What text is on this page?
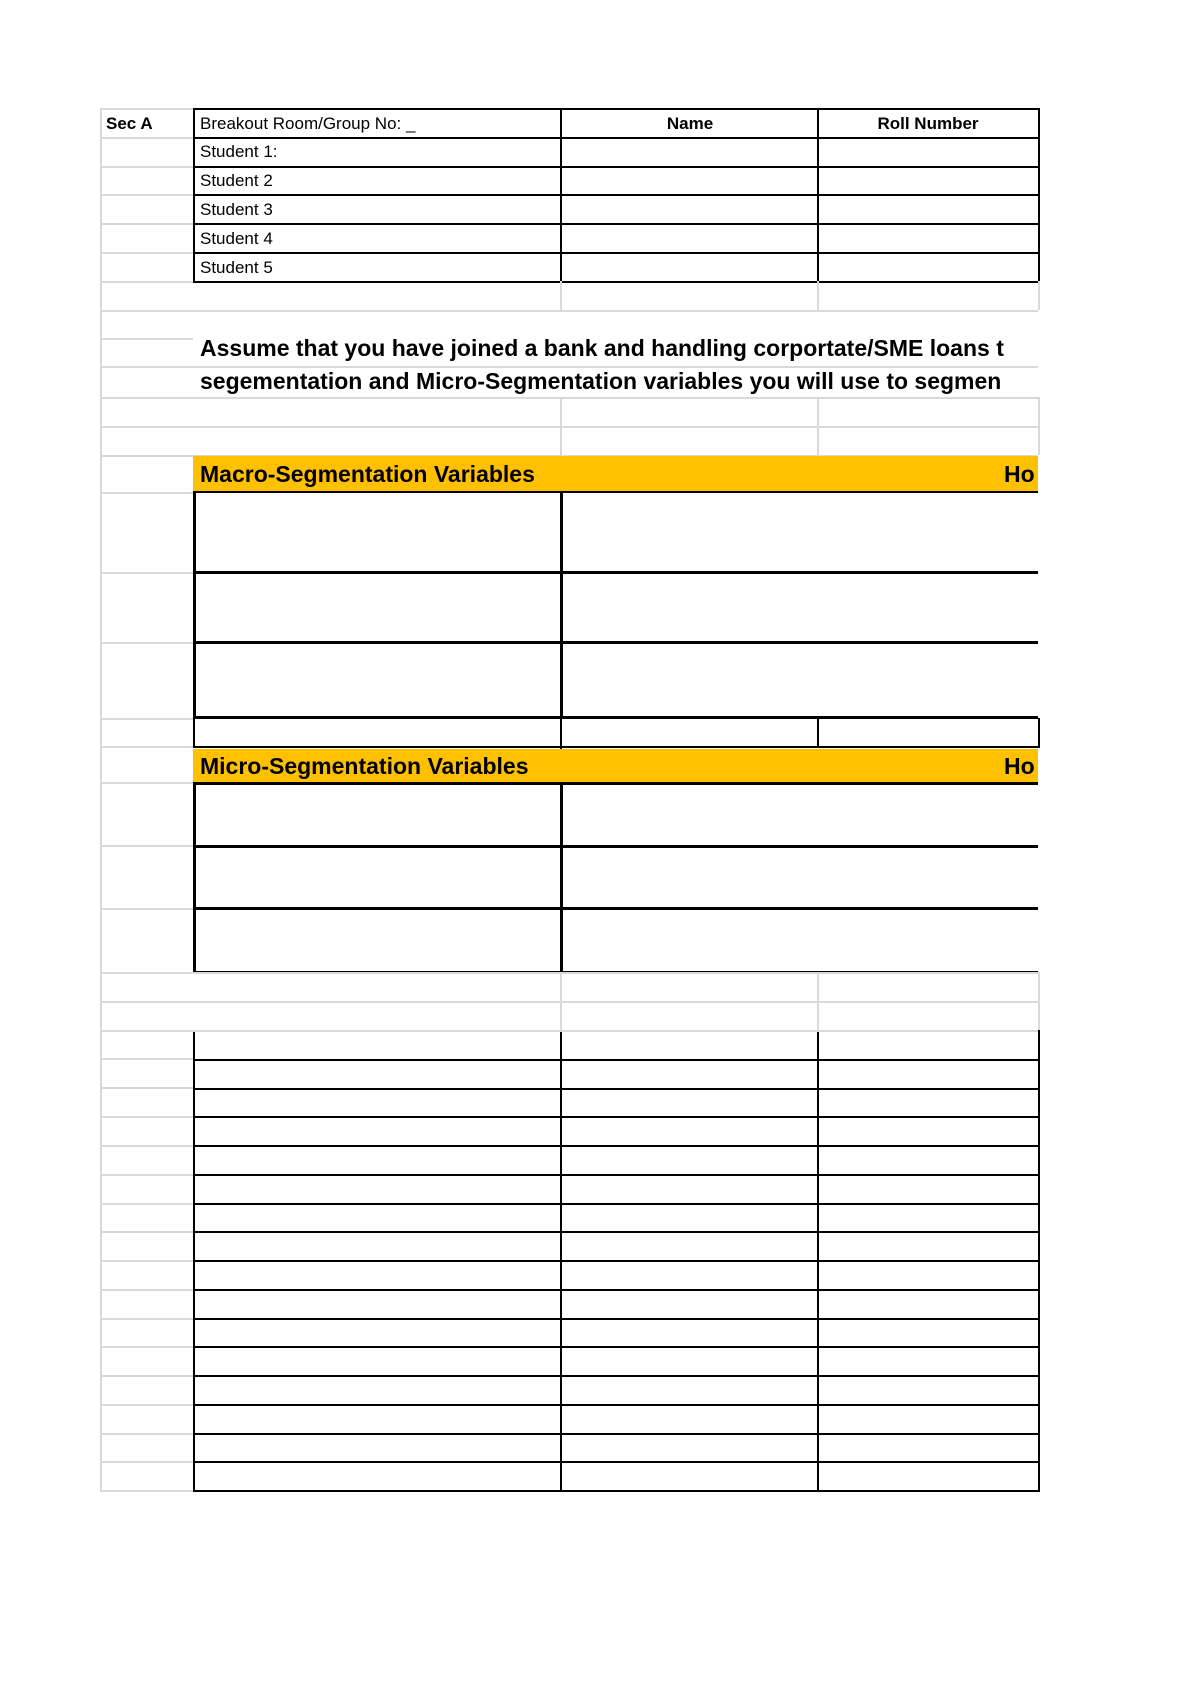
Sec A	Breakout Room/Group No: _	Name	Roll Number
Student 1:
Student 2
Student 3
Student 4
Student 5
Assume that you have joined a bank and handling corportate/SME loans t
segementation and Micro-Segmentation variables you will use to segmen
Macro-Segmentation Variables	Ho
Micro-Segmentation Variables	Ho
